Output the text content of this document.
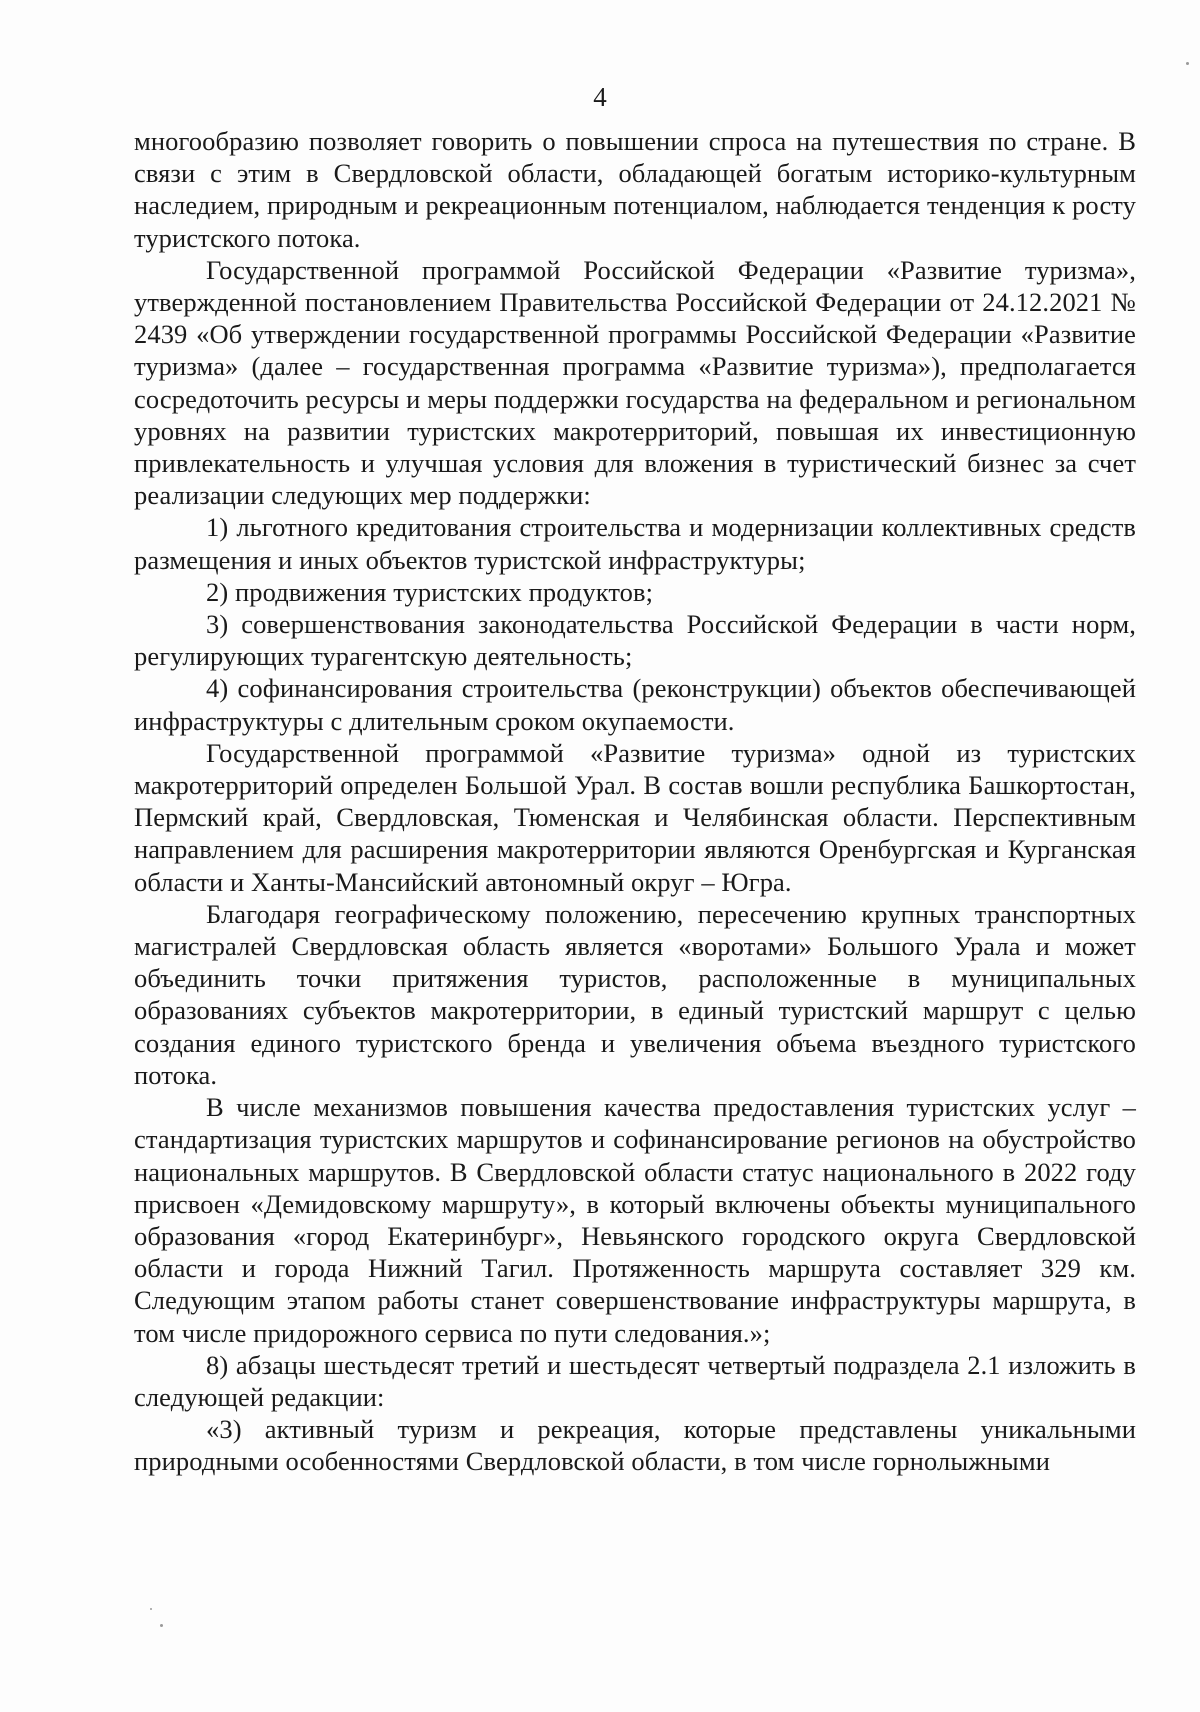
4

многообразию позволяет говорить о повышении спроса на путешествия по стране. В связи с этим в Свердловской области, обладающей богатым историко-культурным наследием, природным и рекреационным потенциалом, наблюдается тенденция к росту туристского потока.

Государственной программой Российской Федерации «Развитие туризма», утвержденной постановлением Правительства Российской Федерации от 24.12.2021 № 2439 «Об утверждении государственной программы Российской Федерации «Развитие туризма» (далее – государственная программа «Развитие туризма»), предполагается сосредоточить ресурсы и меры поддержки государства на федеральном и региональном уровнях на развитии туристских макротерриторий, повышая их инвестиционную привлекательность и улучшая условия для вложения в туристический бизнес за счет реализации следующих мер поддержки:

1) льготного кредитования строительства и модернизации коллективных средств размещения и иных объектов туристской инфраструктуры;

2) продвижения туристских продуктов;

3) совершенствования законодательства Российской Федерации в части норм, регулирующих турагентскую деятельность;

4) софинансирования строительства (реконструкции) объектов обеспечивающей инфраструктуры с длительным сроком окупаемости.

Государственной программой «Развитие туризма» одной из туристских макротерриторий определен Большой Урал. В состав вошли республика Башкортостан, Пермский край, Свердловская, Тюменская и Челябинская области. Перспективным направлением для расширения макротерритории являются Оренбургская и Курганская области и Ханты-Мансийский автономный округ – Югра.

Благодаря географическому положению, пересечению крупных транспортных магистралей Свердловская область является «воротами» Большого Урала и может объединить точки притяжения туристов, расположенные в муниципальных образованиях субъектов макротерритории, в единый туристский маршрут с целью создания единого туристского бренда и увеличения объема въездного туристского потока.

В числе механизмов повышения качества предоставления туристских услуг – стандартизация туристских маршрутов и софинансирование регионов на обустройство национальных маршрутов. В Свердловской области статус национального в 2022 году присвоен «Демидовскому маршруту», в который включены объекты муниципального образования «город Екатеринбург», Невьянского городского округа Свердловской области и города Нижний Тагил. Протяженность маршрута составляет 329 км. Следующим этапом работы станет совершенствование инфраструктуры маршрута, в том числе придорожного сервиса по пути следования.»;

8) абзацы шестьдесят третий и шестьдесят четвертый подраздела 2.1 изложить в следующей редакции:

«3) активный туризм и рекреация, которые представлены уникальными природными особенностями Свердловской области, в том числе горнолыжными
